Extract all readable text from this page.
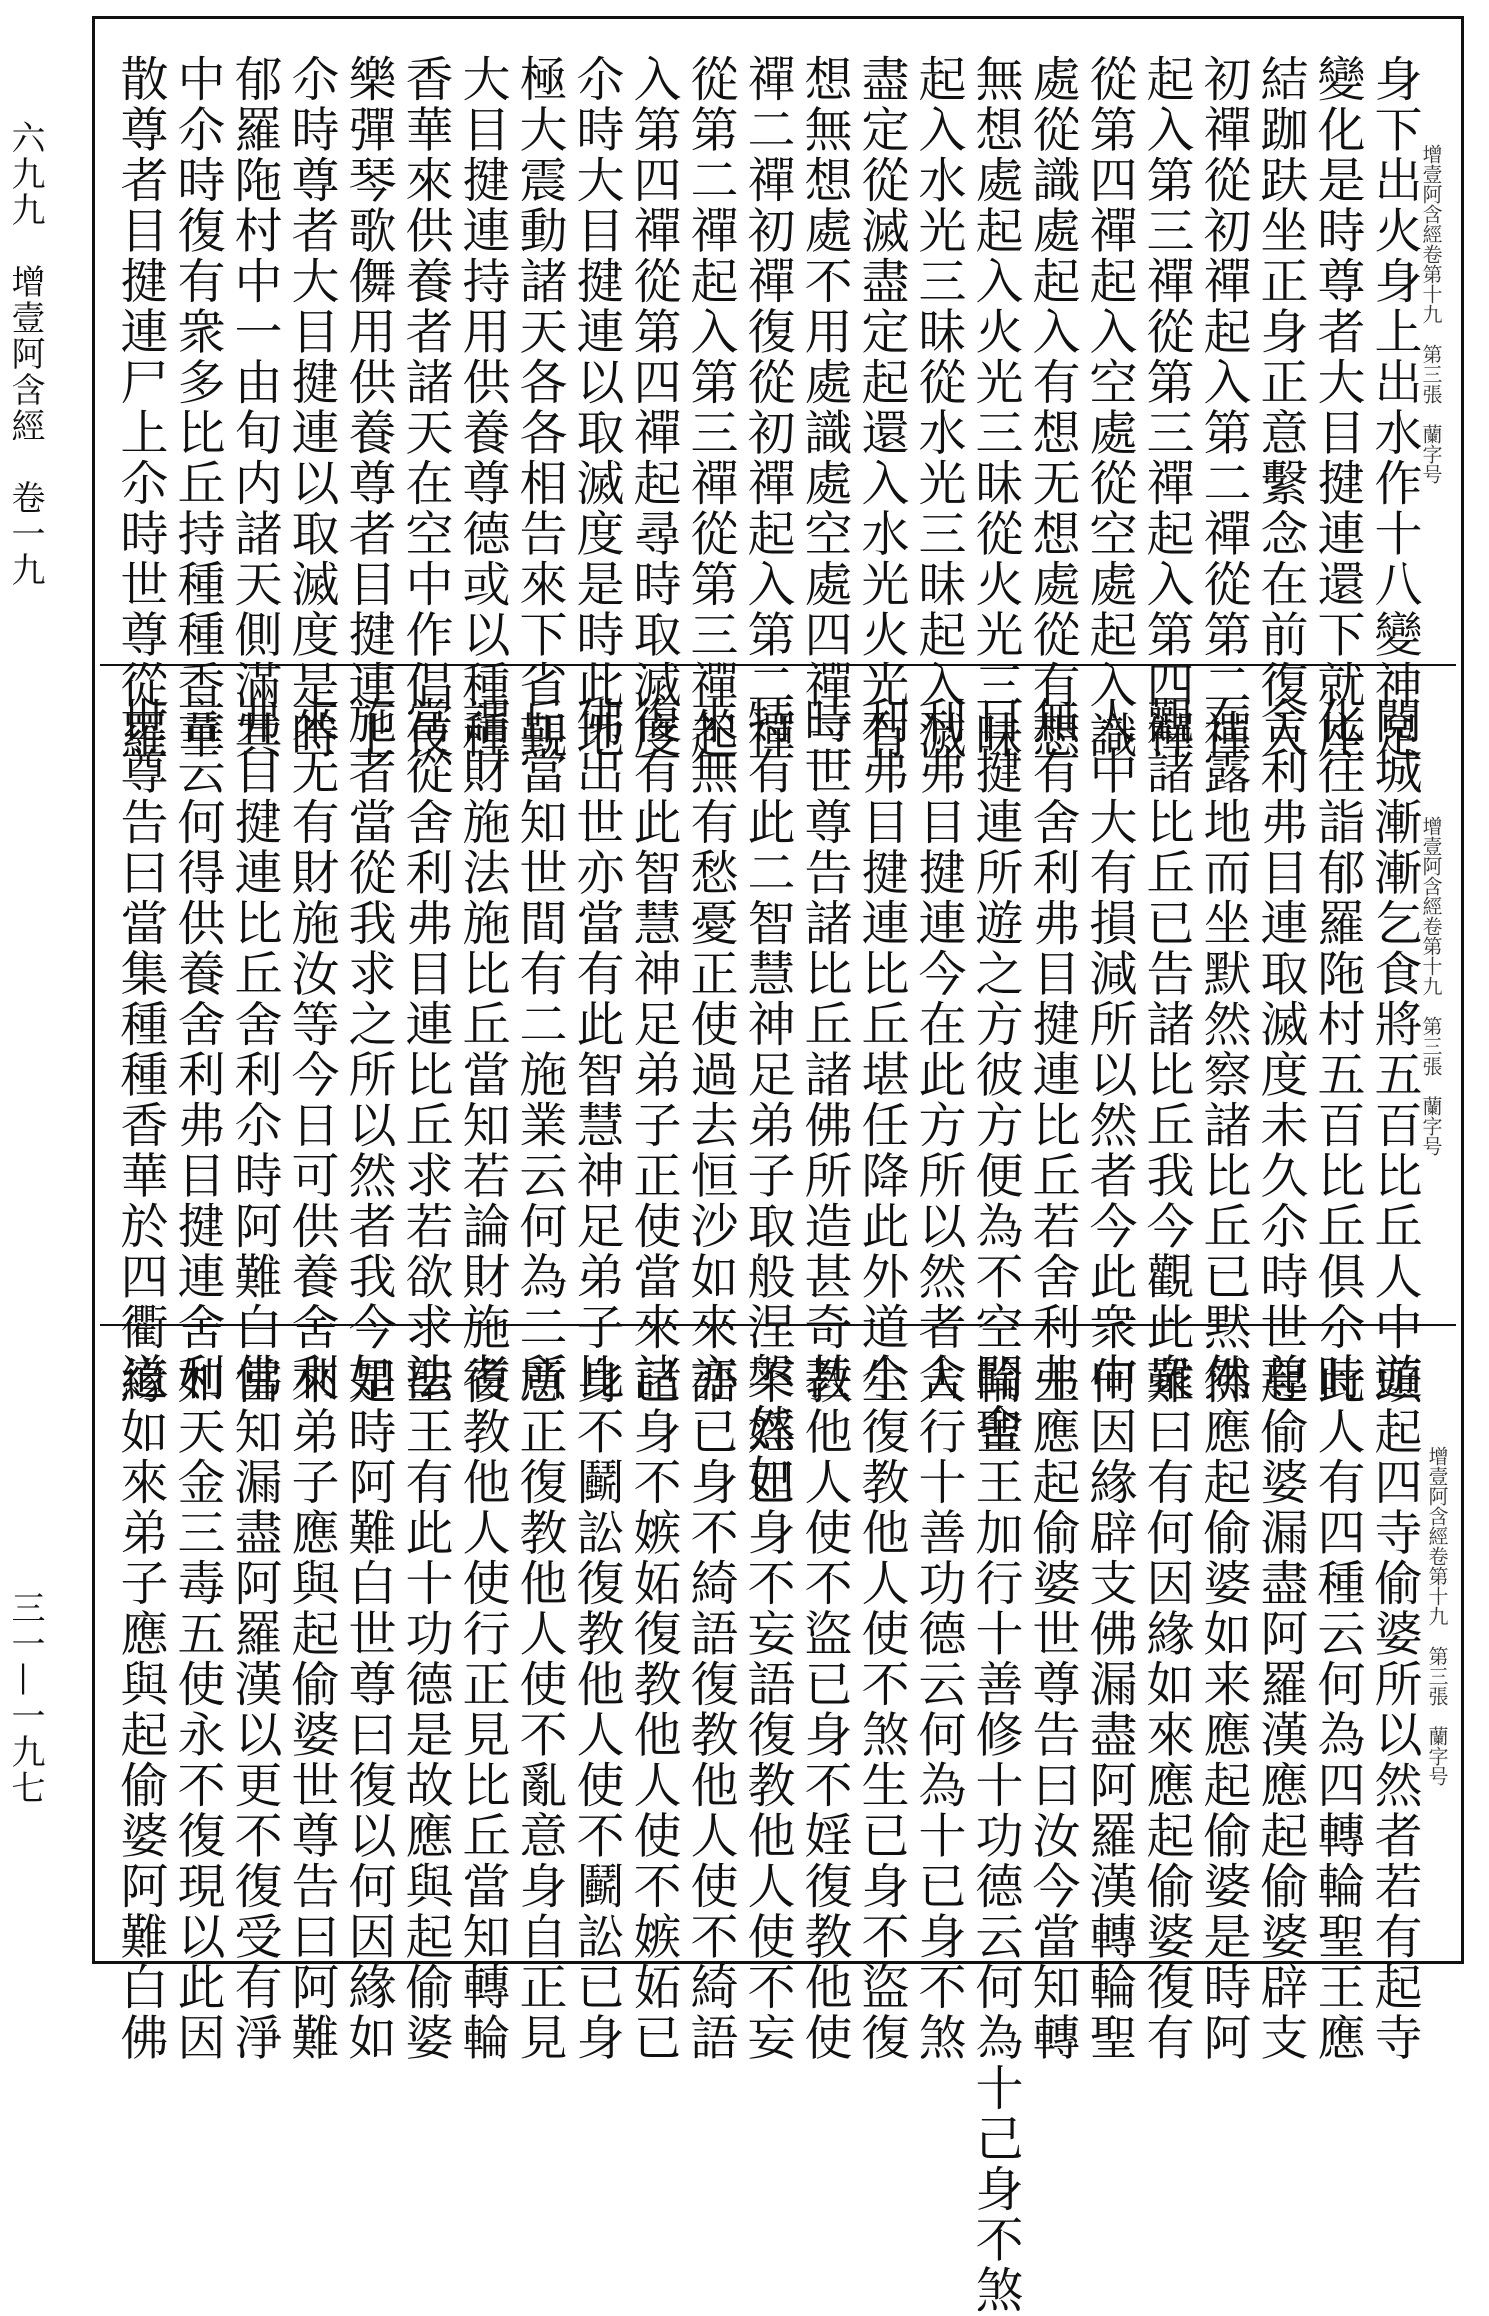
六九九　增壹阿含經　卷一九
三一—一九七
增壹阿含經卷第十九　第三張　蘭字号
身下出火身上出水作十八變神足
變化是時尊者大目揵連還下就座
結跏趺坐正身正意繫念在前復入
初禪從初禪起入第二禪從第二禪
起入第三禪從第三禪起入第四禪
從第四禪起入空處從空處起入識
處從識處起入有想无想處從有想
無想處起入火光三昧從火光三昧
起入水光三昧從水光三昧起入滅
盡定從滅盡定起還入水光火光有
想無想處不用處識處空處四禪三
禪二禪初禪復從初禪起入第二禪
從第二禪起入第三禪從第三禪起
入第四禪從第四禪起尋時取滅度
尒時大目揵連以取滅度是時此地
極大震動諸天各各相告來下省覲
大目揵連持用供養尊德或以種種
香華來供養者諸天在空中作倡伎
樂彈琴歌儛用供養尊者目揵連上
尒時尊者大目揵連以取滅度是時
郁羅陁村中一由旬内諸天側滿其
中尒時復有衆多比丘持種種香華
散尊者目揵連尸上尒時世尊從羅
增壹阿含經卷第十九　第三張　蘭字号
閱城漸漸乞食將五百比丘人中遊
化往詣郁羅陁村五百比丘俱尒時
舍利弗目連取滅度未久尒時世尊
在露地而坐默然察諸比丘已黙然
觀諸比丘已告諸比丘我今觀此衆
人中大有損減所以然者今此衆中
無有舍利弗目揵連比丘若舍利弗
目揵連所遊之方彼方便為不空聞舍
利弗目揵連今在此方所以然者舍
利弗目揵連比丘堪任降此外道尒
時世尊告諸比丘諸佛所造甚奇甚
特有此二智慧神足弟子取般涅槃然如
來無有愁憂正使過去恒沙如來亦
復有此智慧神足弟子正使當來諸
佛出世亦當有此智慧神足弟子比
丘當知世間有二施業云何為二所
謂財施法施比丘當知若論財施者
當從舍利弗目連比丘求若欲求法
施者當從我求之所以然者我今如
來无有財施汝等今日可供養舍利
弗目揵連比丘舍利尒時阿難白佛
言云何得供養舍利弗目揵連舍利
世尊告曰當集種種香華於四衢道
增壹阿含經卷第十九　第三張　蘭字号
頭起四寺偷婆所以然者若有起寺
此人有四種云何為四轉輪聖王應
起偷婆漏盡阿羅漢應起偷婆辟支
佛應起偷婆如来應起偷婆是時阿
難曰有何因緣如來應起偷婆復有
何因緣辟支佛漏盡阿羅漢轉輪聖
王應起偷婆世尊告曰汝今當知轉
輪聖王加行十善修十功德云何為十己身不煞
人行十善功德云何為十已身不煞
生復教他人使不煞生已身不盜復
教他人使不盜已身不婬復教他使
不婬已身不妄語復教他人使不妄
語已身不綺語復教他人使不綺語
已身不嫉妬復教他人使不嫉妬已
身不鬬訟復教他人使不鬬訟已身
意正復教他人使不亂意身自正見
復教他人使行正見比丘當知轉輪
聖王有此十功德是故應與起偷婆
是時阿難白世尊曰復以何因緣如
來弟子應與起偷婆世尊告曰阿難
當知漏盡阿羅漢以更不復受有淨
如天金三毒五使永不復現以此因
緣如來弟子應與起偷婆阿難白佛
